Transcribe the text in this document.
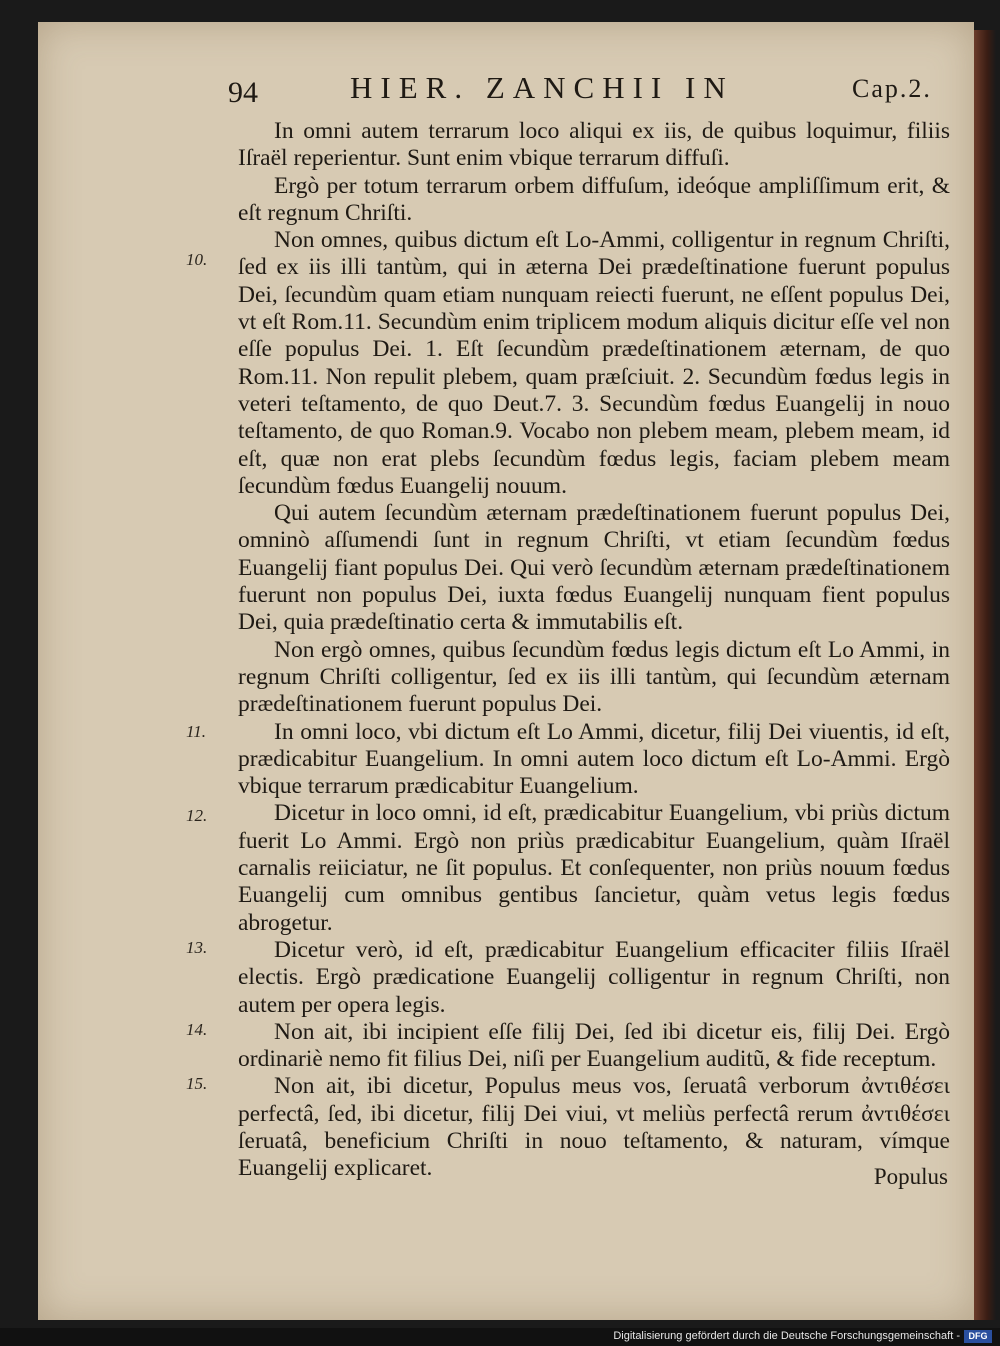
94	HIER. ZANCHII IN	Cap.2.
10.
11.
12.
13.
14.
15.

In omni autem terrarum loco aliqui ex iis, de quibus loquimur, filiis Iſraël reperientur. Sunt enim vbique terrarum diffuſi.

Ergò per totum terrarum orbem diffuſum, ideóque ampliſſimum erit, & eſt regnum Chriſti.

Non omnes, quibus dictum eſt Lo-Ammi, colligentur in regnum Chriſti, ſed ex iis illi tantùm, qui in æterna Dei prædeſtinatione fuerunt populus Dei, ſecundùm quam etiam nunquam reiecti fuerunt, ne eſſent populus Dei, vt eſt Rom.11. Secundùm enim triplicem modum aliquis dicitur eſſe vel non eſſe populus Dei. 1. Eſt ſecundùm prædeſtinationem æternam, de quo Rom.11. Non repulit plebem, quam præſciuit. 2. Secundùm fœdus legis in veteri teſtamento, de quo Deut.7. 3. Secundùm fœdus Euangelij in nouo teſtamento, de quo Roman.9. Vocabo non plebem meam, plebem meam, id eſt, quæ non erat plebs ſecundùm fœdus legis, faciam plebem meam ſecundùm fœdus Euangelij nouum.

Qui autem ſecundùm æternam prædeſtinationem fuerunt populus Dei, omninò aſſumendi ſunt in regnum Chriſti, vt etiam ſecundùm fœdus Euangelij fiant populus Dei. Qui verò ſecundùm æternam prædeſtinationem fuerunt non populus Dei, iuxta fœdus Euangelij nunquam fient populus Dei, quia prædeſtinatio certa & immutabilis eſt.

Non ergò omnes, quibus ſecundùm fœdus legis dictum eſt Lo Ammi, in regnum Chriſti colligentur, ſed ex iis illi tantùm, qui ſecundùm æternam prædeſtinationem fuerunt populus Dei.

In omni loco, vbi dictum eſt Lo Ammi, dicetur, filij Dei viuentis, id eſt, prædicabitur Euangelium. In omni autem loco dictum eſt Lo-Ammi. Ergò vbique terrarum prædicabitur Euangelium.

Dicetur in loco omni, id eſt, prædicabitur Euangelium, vbi priùs dictum fuerit Lo Ammi. Ergò non priùs prædicabitur Euangelium, quàm Iſraël carnalis reiiciatur, ne ſit populus. Et conſequenter, non priùs nouum fœdus Euangelij cum omnibus gentibus ſancietur, quàm vetus legis fœdus abrogetur.

Dicetur verò, id eſt, prædicabitur Euangelium efficaciter filiis Iſraël electis. Ergò prædicatione Euangelij colligentur in regnum Chriſti, non autem per opera legis.

Non ait, ibi incipient eſſe filij Dei, ſed ibi dicetur eis, filij Dei. Ergò ordinariè nemo fit filius Dei, niſi per Euangelium auditũ, & fide receptum.

Non ait, ibi dicetur, Populus meus vos, ſeruatâ verborum ἀντιθέσει perfectâ, ſed, ibi dicetur, filij Dei viui, vt meliùs perfectâ rerum ἀντιθέσει ſeruatâ, beneficium Chriſti in nouo teſtamento, & naturam, vímque Euangelij explicaret.	Populus
Digitalisierung gefördert durch die Deutsche Forschungsgemeinschaft - DFG
